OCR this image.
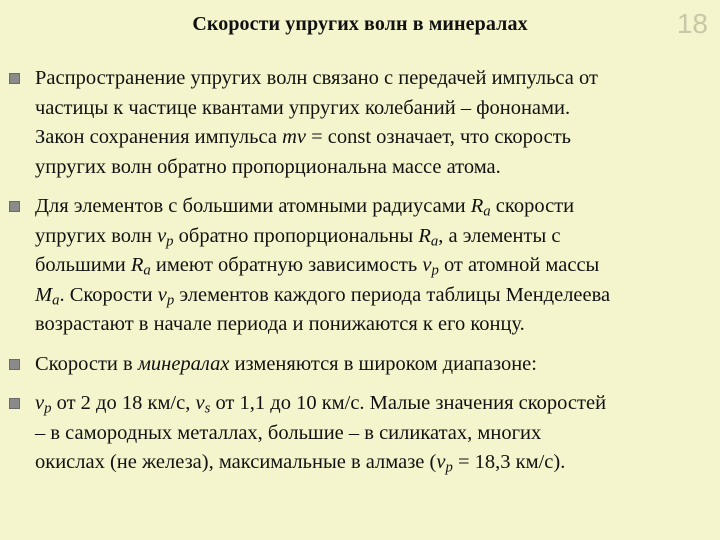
Скорости упругих волн в минералах	18
Распространение упругих волн связано с передачей импульса от
частицы к частице квантами упругих колебаний – фононами.
Закон сохранения импульса mv = const означает, что скорость
упругих волн обратно пропорциональна массе атома.
Для элементов с большими атомными радиусами $R_a$ скорости
упругих волн $v_p$ обратно пропорциональны $R_a$, а элементы с
большими $R_a$ имеют обратную зависимость $v_p$ от атомной массы
$M_a$. Скорости $v_p$ элементов каждого периода таблицы Менделеева
возрастают в начале периода и понижаются к его концу.
Скорости в минералах изменяются в широком диапазоне:
$v_p$ от 2 до 18 км/с, $v_s$ от 1,1 до 10 км/с. Малые значения скоростей
– в самородных металлах, большие – в силикатах, многих
окислах (не железа), максимальные в алмазе ($v_p = 18,3$ км/с).
